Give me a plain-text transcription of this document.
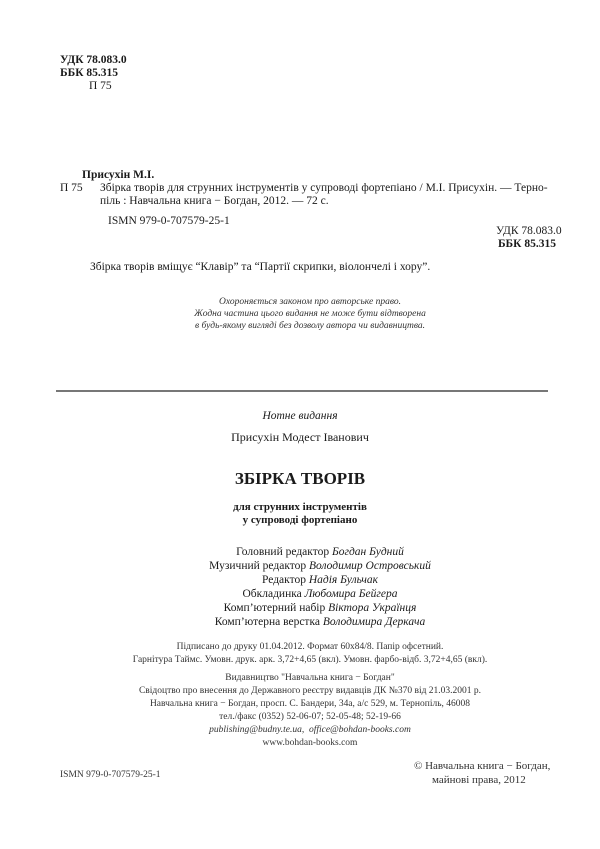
УДК 78.083.0
ББК 85.315
П 75
Присухін М.І.
П 75 Збірка творів для струнних інструментів у супроводі фортепіано / М.І. Присухін. — Терно-
піль : Навчальна книга − Богдан, 2012. — 72 с.
ISMN 979-0-707579-25-1
УДК 78.083.0
ББК 85.315
Збірка творів вміщує “Клавір” та “Партії скрипки, віолончелі і хору”.
Охороняється законом про авторське право.
Жодна частина цього видання не може бути відтворена
в будь-якому вигляді без дозволу автора чи видавництва.
Нотне видання
Присухін Модест Іванович
ЗБІРКА ТВОРІВ
для струнних інструментів
у супроводі фортепіано
Головний редактор Богдан Будний
Музичний редактор Володимир Островський
Редактор Надія Бульчак
Обкладинка Любомира Бейгера
Комп’ютерний набір Віктора Українця
Комп’ютерна верстка Володимира Деркача
Підписано до друку 01.04.2012. Формат 60x84/8. Папір офсетний.
Гарнітура Таймс. Умовн. друк. арк. 3,72+4,65 (вкл). Умовн. фарбо-відб. 3,72+4,65 (вкл).
Видавництво "Навчальна книга − Богдан"
Свідоцтво про внесення до Державного реєстру видавців ДК №370 від 21.03.2001 р.
Навчальна книга − Богдан, просп. С. Бандери, 34а, а/с 529, м. Тернопіль, 46008
тел./факс (0352) 52-06-07; 52-05-48; 52-19-66
publishing@budny.te.ua, office@bohdan-books.com
www.bohdan-books.com
ISMN 979-0-707579-25-1
© Навчальна книга − Богдан,
майнові права, 2012
